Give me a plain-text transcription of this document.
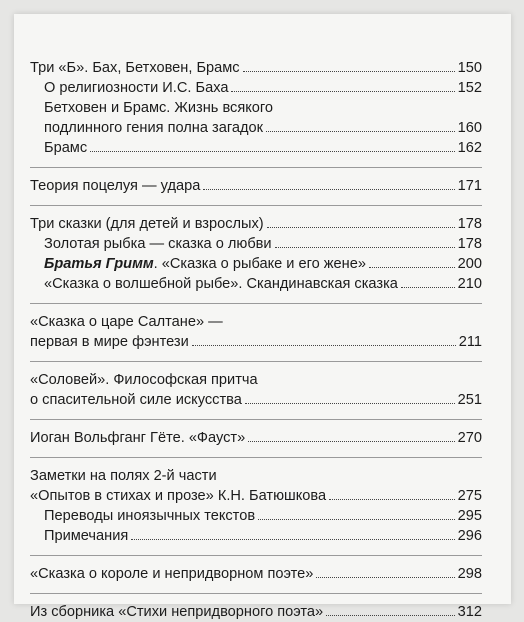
Три «Б». Бах, Бетховен, Брамс	150
О религиозности И.С. Баха	152
Бетховен и Брамс. Жизнь всякого
подлинного гения полна загадок	160
Брамс	162
Теория поцелуя — удара	171
Три сказки (для детей и взрослых)	178
Золотая рыбка — сказка о любви	178
Братья Гримм. «Сказка о рыбаке и его жене»	200
«Сказка о волшебной рыбе». Скандинавская сказка	210
«Сказка о царе Салтане» —
первая в мире фэнтези	211
«Соловей». Философская притча
о спасительной силе искусства	251
Иоган Вольфганг Гёте. «Фауст»	270
Заметки на полях 2-й части
«Опытов в стихах и прозе» К.Н. Батюшкова	275
Переводы иноязычных текстов	295
Примечания	296
«Сказка о короле и непридворном поэте»	298
Из сборника «Стихи непридворного поэта»	312
